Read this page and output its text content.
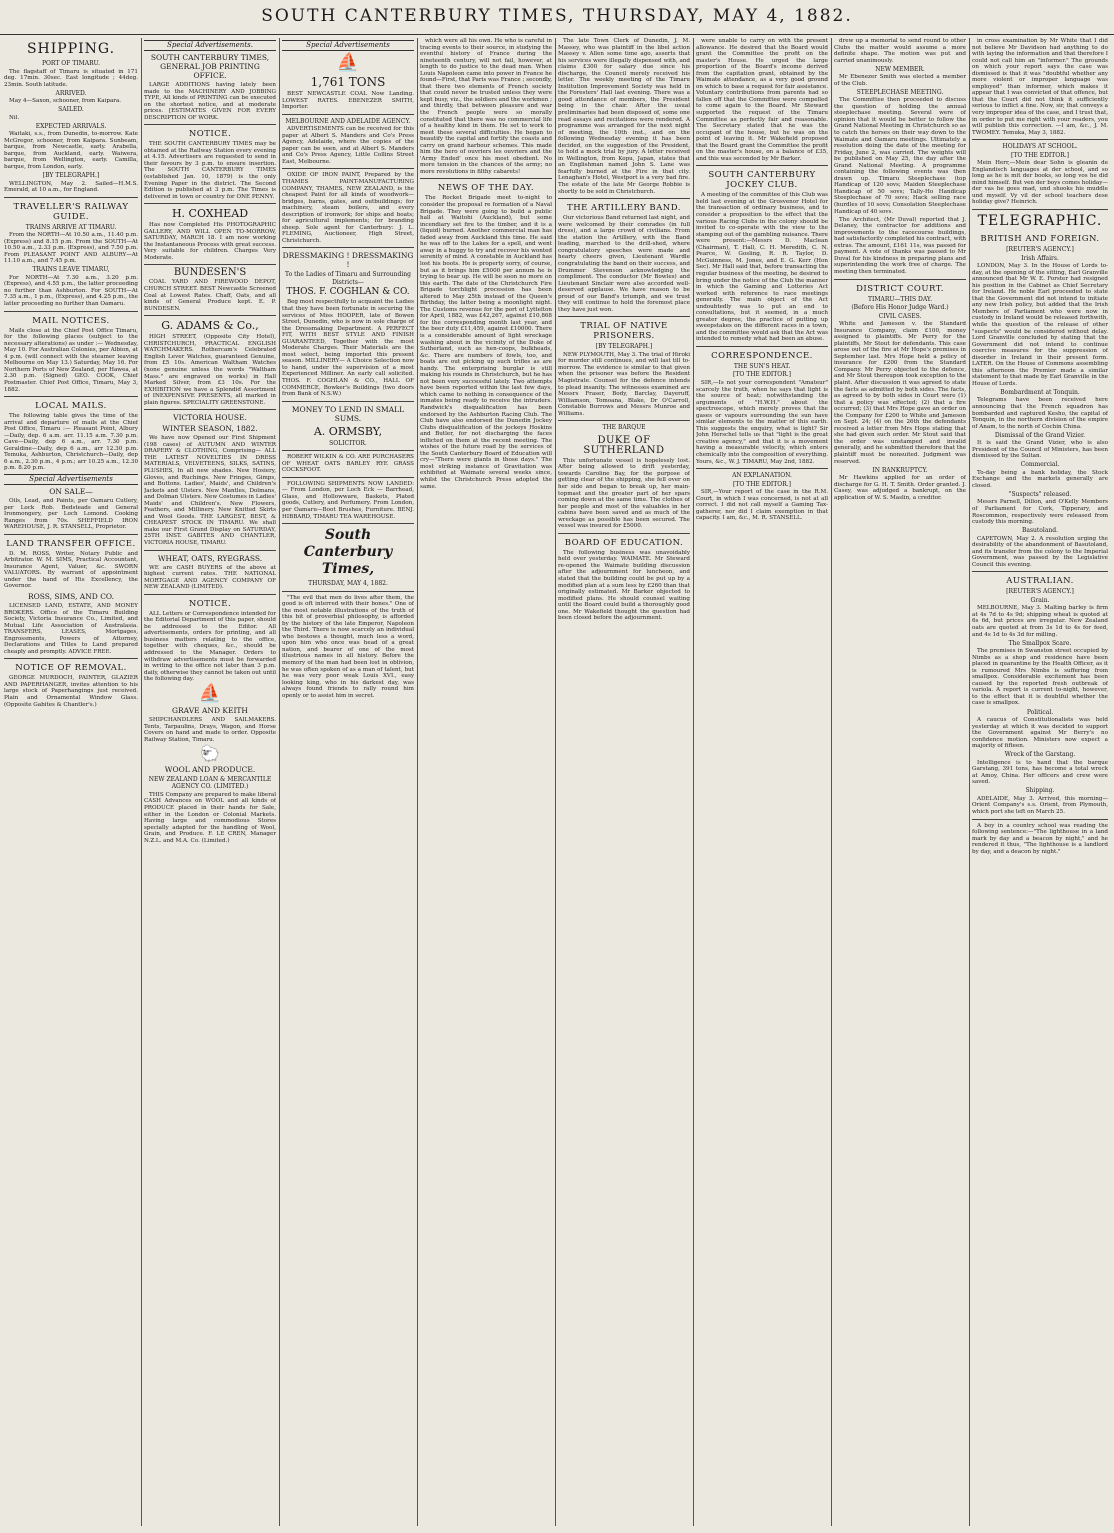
SOUTH CANTERBURY TIMES, THURSDAY, MAY 4, 1882.
SHIPPING.
PORT OF TIMARU.

The flagstaff of Timaru is situated in 171 deg. 17min. 30sec. East longitude ; 44deg. 23min. South latitude.

ARRIVED.

May 4—Saxon, schooner, from Kaipara.

SAILED.

Nil.

EXPECTED ARRIVALS.

Waitaki, s.s., from Dunedin, to-morrow. Kate McGregor, schooner, from Kaipara. Sunbeam, barque, from Newcastle, early. Arabella, barque, from Auckland, early. Waiwera, barque, from Wellington, early. Camilla, barque, from London, early.

[BY TELEGRAPH.]

WELLINGTON, May 2. Sailed—H.M.S. Emerald, at 10 a.m., for England.

TRAVELLER'S RAILWAY GUIDE.
TRAINS ARRIVE AT TIMARU.

From the NORTH—At 10.50 a.m., 11.40 p.m. (Express) and 8.15 p.m. From the SOUTH—At 10.50 a.m., 2.33 p.m. (Express), and 7.50 p.m. From PLEASANT POINT AND ALBURY—At 11.10 a.m., and 7.45 p.m.

TRAINS LEAVE TIMARU,

For NORTH—At 7.30 a.m., 3.20 p.m. (Express), and 4.55 p.m., the latter proceeding no further than Ashburton. For SOUTH—At 7.35 a.m., 1 p.m., (Express), and 4.25 p.m., the latter proceeding no further than Oamaru.

MAIL NOTICES.

Mails close at the Chief Post Office Timaru, for the following places (subject to the necessary alterations) as under :— Wednesday, May 10. For Australian Colonies, per Albion, at 4 p.m. (will connect with the steamer leaving Melbourne on May 13.) Saturday, May 16. For Northern Ports of New Zealand, per Hawea, at 2.30 p.m. (Signed) GEO. COOK, Chief Postmaster. Chief Post Office, Timaru, May 3, 1882.

LOCAL MAILS.

The following table gives the time of the arrival and departure of mails at the Chief Post Office, Timaru :— Pleasant Point, Albury—Daily, dep. 6 a.m. arr. 11.15 a.m. 7.30 p.m. Cave—Daily, dep 6 a.m., arr. 7.30 p.m. Geraldine—Daily, dep 6 a.m., arr 12.30 p.m. Temuka, Ashburton, Christchurch—Daily, dep 6 a.m., 2.30 p.m., 4 p.m.; arr 10.25 a.m., 12.30 p.m. 8.20 p.m.

Special Advertisements
ON SALE—

Oils, Lead, and Paints, per Oamaru Cutlery, per Lock Rob. Bedsteads and General Ironmongery, per Loch Lomond. Cooking Ranges from 70s. SHEFFIELD IRON WAREHOUSE, J. R. STANSELL, Proprietor.

LAND TRANSFER OFFICE.

D. M. ROSS, Writer, Notary Public and Arbitrator. W. M. SIMS, Practical Accountant, Insurance Agent, Valuer, &c. SWORN VALUATORS. By warrant of appointment under the hand of His Excellency, the Governor.

ROSS, SIMS, AND CO.

LICENSED LAND, ESTATE, AND MONEY BROKERS. Office of the Timaru Building Society, Victoria Insurance Co., Limited, and Mutual Life Association of Australasia. TRANSFERS, LEASES, Mortgages, Engrossments, Powers of Attorney, Declarations and Titles to Land prepared cheaply and promptly. ADVICE FREE.

NOTICE OF REMOVAL.

GEORGE MURDOCH, PAINTER, GLAZIER AND PAPERHANGER, invites attention to his large stock of Paperhangings just received. Plain and Ornamental Window Glass. (Opposite Gabites & Chantler's.)

Special Advertisements.
SOUTH CANTERBURY TIMES, GENERAL JOB PRINTING OFFICE.

LARGE ADDITIONS having lately been made to the MACHINERY AND JOBBING TYPE, All kinds of PRINTING can be executed on the shortest notice, and at moderate prices. [ESTIMATES GIVEN FOR EVERY DESCRIPTION OF WORK.

NOTICE.

THE SOUTH CANTERBURY TIMES may be obtained at the Railway Station every evening at 4.15. Advertisers are requested to send in their favours by 3 p.m. to ensure insertion. The SOUTH CANTERBURY TIMES (established Jan. 10, 1879) is the only Evening Paper in the district. The Second Edition is published at 3 p.m. The Times is delivered in town or country for ONE PENNY.

H. COXHEAD

Has now Completed His PHOTOGRAPHIC GALLERY, AND WILL OPEN TO-MORROW, SATURDAY, MARCH 18. I am now working the Instantaneous Process with great success. Very suitable for children. Charges Very Moderate.

BUNDESEN'S

COAL YARD AND FIREWOOD DEPOT, CHURCH STREET. BEST Newcastle Screened Coal at Lowest Rates. Chaff, Oats, and all kinds of General Produce kept. E. P. BUNDESEN.

G. ADAMS & Co.,

HIGH STREET, (Opposite City Hotel), CHRISTCHURCH, PRACTICAL ENGLISH WATCHMAKERS. Rothercam's Celebrated English Lever Watches, guaranteed Genuine, from £5 10s. American Waltham Watches (none genuine unless the words "Waltham Mass." are engraved on works) in Hall Marked Silver, from £3 10s. For the EXHIBITION we have a Splendid Assortment of INEXPENSIVE PRESENTS, all marked in plain figures. SPECIALITY GREENSTONE.

VICTORIA HOUSE.
WINTER SEASON, 1882.

We have now Opened our First Shipment (198 cases) of AUTUMN AND WINTER DRAPERY & CLOTHING, Comprising— ALL THE LATEST NOVELTIES IN DRESS MATERIALS, VELVETEENS, SILKS, SATINS, PLUSHES, In all new shades. New Hosiery, Gloves, and Ruchings. New Fringes, Gimps, and Buttons. Ladies', Maids', and Children's Jackets and Ulsters. New Mantles, Dolmans, and Dolman Ulsters. New Costumes in Ladies' Maids' and Children's. New Flowers, Feathers, and Millinery. New Knitted Skirts and Wool Goods. THE LARGEST, BEST, & CHEAPEST STOCK IN TIMARU. We shall make our First Grand Display on SATURDAY, 25TH INST. GABITES AND CHANTLER, VICTORIA HOUSE, TIMARU.

WHEAT, OATS, RYEGRASS.

WE are CASH BUYERS of the above at highest current rates. THE NATIONAL MORTGAGE AND AGENCY COMPANY OF NEW ZEALAND (LIMITED).

NOTICE.

ALL Letters or Correspondence intended for the Editorial Department of this paper, should be addressed to the Editor. All advertisements, orders for printing, and all business matters relating to the office, together with cheques, &c., should be addressed to the Manager. Orders to withdraw advertisements must be forwarded in writing to the office not later than 3 p.m. daily, otherwise they cannot be taken out until the following day.

⛵
GRAVE AND KEITH

SHIPCHANDLERS AND SAILMAKERS. Tents, Tarpaulins, Drays, Wagon, and Horse Covers on hand and made to order. Opposite Railway Station, Timaru.

🐑
WOOL AND PRODUCE.
NEW ZEALAND LOAN & MERCANTILE AGENCY CO. (LIMITED.)

THIS Company are prepared to make liberal CASH Advances on WOOL and all kinds of PRODUCE placed in their hands for Sale, either in the London or Colonial Markets. Having large and commodious Stores specially adapted for the handling of Wool, Grain, and Produce. F. LE CREN, Manager N.Z.L. and M.A. Co. (Limited.)

Special Advertisements
⛵
1,761 TONS

BEST NEWCASTLE COAL Now Landing. LOWEST RATES. EBENEZER SMITH, Importer.

MELBOURNE AND ADELAIDE AGENCY.

ADVERTISEMENTS can be received for this paper at Albert S. Manders and Co's Press Agency, Adelaide, where the copies of the paper can be seen, and at Albert S. Manders and Co's Press Agency, Little Collins Street East, Melbourne.

OXIDE OF IRON PAINT, Prepared by the THAMES PAINT-MANUFACTURING COMPANY, THAMES, NEW ZEALAND, is the cheapest Paint for all kinds of woodwork—bridges, barns, gates, and outbuildings; for machinery, steam boilers, and every description of ironwork; for ships and boats; for agricultural implements; for branding sheep. Sole agent for Canterbury: J. L. FLEMING, Auctioneer, High Street, Christchurch.

DRESSMAKING ! DRESSMAKING !
To the Ladies of Timaru and Surrounding Districts—
THOS. F. COGHLAN & CO.

Beg most respectfully to acquaint the Ladies that they have been fortunate in securing the services of Miss HOOPER, late of Bowen Street, Dunedin, who is now in sole charge of the Dressmaking Department. A PERFECT FIT, WITH BEST STYLE AND FINISH GUARANTEED, Together with the most Moderate Charges. Their Materials are the most select, being imported this present season. MILLINERY— A Choice Selection now to hand, under the supervision of a most Experienced Milliner. An early call solicited. THOS. F. COGHLAN & CO., HALL OF COMMERCE, Bowker's Buildings (two doors from Bank of N.S.W.)

MONEY TO LEND IN SMALL SUMS.
A. ORMSBY,
SOLICITOR.

ROBERT WILKIN & CO. ARE PURCHASERS OF WHEAT OATS BARLEY RYE GRASS COCKSFOOT.

FOLLOWING SHIPMENTS NOW LANDED:— From London, per Loch Eck — Barrhead, Glass, and Hollowware, Baskets, Plated goods, Cutlery, and Perfumery. From London, per Oamaru—Boot Brushes, Furniture. BENJ. HIBBARD, TIMARU TEA WAREHOUSE.

South Canterbury Times,
THURSDAY, MAY 4, 1882.

"The evil that men do lives after them, the good is oft interred with their bones." One of the most notable illustrations of the truth of this bit of proverbial philosophy, is afforded by the history of the late Emperor, Napoleon the Third. There is now scarcely an individual who bestows a thought, much less a word, upon him who once was head of a great nation, and bearer of one of the most illustrious names in all history. Before the memory of the man had been lost in oblivion, he was often spoken of as a man of talent, but he was very poor weak Louis XVI., easy looking king, who in his darkest day, was always found friends to rally round him openly or to assist him in secret.

which were all his own. He who is careful in tracing events to their source, in studying the eventful history of France during the nineteenth century, will not fail, however, at length to do justice to the dead man. When Louis Napoleon came into power in France he found—First, that Paris was France ; secondly, that there two elements of French society that could never be trusted unless they were kept busy, viz., the soldiers and the workmen ; and thirdly, that between pleasure and war the French people were so morally constituted that there was no commercial life of a healthy kind in them. He set to work to meet these several difficulties. He began to beautify the capital and fortify the coasts and carry on grand harbour schemes. This made him the hero of ouvriers les ouvriers and the 'Army Ended' once his most obedient. No more tension in the chances of the army; no more revolutions in filthy cabarets!

NEWS OF THE DAY.

The Rocket Brigade meet to-night to consider the proposal re formation of a Naval Brigade. They were going to build a public hall at Waitohi (Auckland), but some incendiary set fire to the timber, and it is a (liquid) burned. Another commercial man has faded away from Auckland this time. He said he was off to the Lakes for a spell, and went away in a buggy to try and recover his wonted serenity of mind. A constable in Auckland has lost his boots. He is property sorry, of course, but as it brings him £5000 per annum he is trying to bear up. He will be soon no more on this earth. The date of the Christchurch Fire Brigade torchlight procession has been altered to May 25th instead of the Queen's Birthday, the latter being a moonlight night. The Customs revenue for the port of Lyttelton for April, 1882, was £42,267, against £10,868 for the corresponding month last year, and the beer duty £11,459, against £10000. There is a considerable amount of light wreckage washing about in the vicinity of the Duke of Sutherland, such as hen-coops, bulkheads, &c. There are numbers of fowls, too, and boats are out picking up such trifles as are handy. The enterprising burglar is still making his rounds in Christchurch, but he has not been very successful lately. Two attempts have been reported within the last few days, which came to nothing in consequence of the inmates being ready to receive the intruders. Randwick's disqualification has been endorsed by the Ashburton Racing Club. The Club have also endorsed the Dunedin Jockey Clubs disqualification of the jockeys Hoskins and Butler, for not discharging the faces inflicted on them at the recent meeting. The wishes of the future road by the services of the South Canterbury Board of Education will cry—"There were giants in those days." The most striking instance of Gravitation was exhibited at Waimate several weeks since, whilst the Christchurch Press adopted the same.

The late Town Clerk of Dunedin, J. M. Massey, who was plaintiff in the libel action Massey v. Allen some time ago, asserts that his services were illegally dispensed with, and claims £300 for salary due since his discharge, the Council merely received his letter. The weekly meeting of the Timaru Institution Improvement Society was held in the Foresters' Hall last evening. There was a good attendance of members, the President being in the chair. After the usual preliminaries had been disposed of, some one read essays and recitations were rendered. A programme was arranged for the next night of meeting, the 10th inst., and on the following Wednesday evening it has been decided, on the suggestion of the President, to hold a mock trial by jury. A letter received in Wellington, from Kopu, Japan, states that an Englishman named John S. Lane was fearfully burned at the Fire in that city. Lenaghan's Hotel, Westport is a very bad fire. The estate of the late Mr George Robbie is shortly to be sold in Christchurch.

THE ARTILLERY BAND.

Our victorious Band returned last night, and were welcomed by their comrades (in full dress), and a large crowd of civilians. From the station the Artillery, with the Band leading, marched to the drill-shed, where congratulatory speeches were made and hearty cheers given, Lieutenant Wardle congratulating the band on their success, and Drummer Stevenson acknowledging the compliment. The conductor (Mr Bowles) and Lieutenant Sinclair were also accorded well-deserved applause. We have reason to be proud of our Band's triumph, and we trust they will continue to hold the foremost place they have just won.

TRIAL OF NATIVE PRISONERS.
[BY TELEGRAPH.]

NEW PLYMOUTH, May 3. The trial of Hiroki for murder still continues, and will last till to-morrow. The evidence is similar to that given when the prisoner was before the Resident Magistrate. Counsel for the defence intends to plead insanity. The witnesses examined are Messrs Fraser, Body, Barclay, Dayeruff, Williamson, Tomoana, Blake, Dr O'Carroll, Constable Burrows and Messrs Munroe and Williams.

THE BARQUE
DUKE OF SUTHERLAND

This unfortunate vessel is hopelessly lost. After being allowed to drift yesterday, towards Caroline Bay, for the purpose of getting clear of the shipping, she fell over on her side and began to break up, her main-topmast and the greater part of her spars coming down at the same time. The clothes of her people and most of the valuables in her cabins have been saved and as much of the wreckage as possible has been secured. The vessel was insured for £5000.

BOARD OF EDUCATION.

The following business was unavoidably held over yesterday. WAIMATE. Mr Steward re-opened the Waimate building discussion after the adjournment for luncheon, and stated that the building could be put up by a modified plan at a sum less by £260 than that originally estimated. Mr Barker objected to modified plans. He should counsel waiting until the Board could build a thoroughly good one. Mr Wakefield thought the question had been closed before the adjournment.

were unable to carry on with the present allowance. He desired that the Board would grant the Committee the profit on the master's House. He urged the large proportion of the Board's income derived from the capitation grant, obtained by the Waimate attendance, as a very good ground on which to base a request for fair assistance. Voluntary contributions from parents had so fallen off that the Committee were compelled to come again to the Board. Mr Steward supported the request of the Timaru Committee as perfectly fair and reasonable. The Secretary stated that he was the occupant of the house, but he was on the point of leaving it. Mr Wakefield proposed that the Board grant the Committee the profit on the master's house, on a balance of £35, and this was seconded by Mr Barker.

SOUTH CANTERBURY JOCKEY CLUB.

A meeting of the committee of this Club was held last evening at the Grosvenor Hotel for the transaction of ordinary business, and to consider a proposition to the effect that the various Racing Clubs in the colony should be invited to co-operate with the view to the stamping out of the gambling nuisance. There were present:—Messrs D. Maclean (Chairman), T. Hall, C. H. Meredith, C. N. Pearce, W. Gosling, R. R. Taylor, D. McGuinness, M. Jones, and E. G. Kerr (Hon Sec). Mr Hall said that, before transacting the regular business of the meeting, he desired to bring under the notice of the Club the manner in which the Gaming and Lotteries Act worked with reference to race meetings generally. The main object of the Act undoubtedly was to put an end to consultations, but it seemed, in a much greater degree, the practice of putting up sweepstakes on the different races in a town, and the committee would ask that the Act was intended to remedy what had been an abuse.

CORRESPONDENCE.
THE SUN'S HEAT.
[TO THE EDITOR.]

SIR,—Is not your correspondent "Amateur" scarcely the truth, when he says that light is the source of heat; notwithstanding the arguments of "H.W.H." about the spectroscope, which merely proves that the gases or vapours surrounding the sun have similar elements to the matter of this earth. This suggests the enquiry, what is light? Sir John Herschel tells us that "light is the great creative agency," and that it is a movement having a measurable velocity, which enters chemically into the composition of everything. Yours, &c., W. J. TIMARU, May 2nd, 1882.

AN EXPLANATION.
[TO THE EDITOR.]

SIR,—Your report of the case in the R.M. Court, in which I was concerned, is not at all correct. I did not call myself a Gaming Tax-gatherer, nor did I claim exemption in that capacity. I am, &c., M. R. STANSELL.

drew up a memorial to send round to other Clubs the matter would assume a more definite shape. The motion was put and carried unanimously.

NEW MEMBER.

Mr Ebenezer Smith was elected a member of the Club.

STEEPLECHASE MEETING.

The Committee then proceeded to discuss the question of holding the annual steeplechase meeting. Several were of opinion that it would be better to follow the Grand National Meeting in Christchurch so as to catch the horses on their way down to the Waimate and Oamaru meetings. Ultimately a resolution doing the date of the meeting for Friday, June 2, was carried. The weights will be published on May 25, the day after the Grand National Meeting. A programme containing the following events was then drawn up. Timaru Steeplechase (top Handicap of 120 sovs; Maiden Steeplechase Handicap of 50 sovs; Tally-Ho Handicap Steeplechase of 70 sovs; Hack selling race (hurdles of 10 sovs; Consolation Steeplechase Handicap of 40 sovs.

The Architect, (Mr Duval) reported that J. Delaney, the contractor for additions and improvements to the racecourse buildings, had satisfactorily completed his contract, with extras. The amount, £161 11s, was passed for payment. A vote of thanks was passed to Mr Duval for his kindness in preparing plans and superintending the work free of charge. The meeting then terminated.

DISTRICT COURT.
TIMARU—THIS DAY.
(Before His Honor Judge Ward.)
CIVIL CASES.

White and Jameson v. the Standard Insurance Company, claim £100, money assigned to plaintiffs. Mr Perry for the plaintiffs, Mr Stout for defendants. This case arose out of the fire at Mr Hope's premises in September last. Mrs Hope held a policy of insurance for £200 from the Standard Company. Mr Perry objected to the defence, and Mr Stout thereupon took exception to the plaint. After discussion it was agreed to state the facts as admitted by both sides. The facts, as agreed to by both sides in Court were (1) that a policy was effected; (2) that a fire occurred; (3) that Mrs Hope gave an order on the Company for £200 to White and Jameson on Sept. 24; (4) on the 26th the defendants received a letter from Mrs Hope stating that she had given such order. Mr Stout said that the order was unstamped and invalid generally, and he submitted therefore that the plaintiff must be nonsuited. Judgment was reserved.

IN BANKRUPTCY.

Mr Hawkins applied for an order of discharge for G. H. T. Smith. Order granted. J. Casey, was adjudged a bankrupt, on the application of W. S. Maslin, a creditor.

in cross examination by Mr White that I did not believe Mr Davidson had anything to do with laying the information and that therefore I could not call him an "informer." The grounds on which your report says the case was dismissed is that it was "doubtful whether any more violent or improper language was employed" than informer, which makes it appear that I was convicted of that offence, but that the Court did not think it sufficiently serious to inflict a fine. Now, sir, that conveys a very improper idea of the case, and I trust that, in order to put me right with your readers, you will publish this correction. —I am, &c., J. M. TWOMEY. Temuka, May 3, 1882.

HOLIDAYS AT SCHOOL.
[TO THE EDITOR.]

Mein Herr,—Mein dear Sohn is gleanin de Englandisch languages at der school, and so long as he is mit der books, so long vos he did mind himself. But ven der boys comes holiday—der vas he goes mad, und shooks his muddle und myself. Vy vil der school teachers dese holiday give? Heinrich.

TELEGRAPHIC.
BRITISH AND FOREIGN.
[REUTER'S AGENCY.]
Irish Affairs.

LONDON, May 3. In the House of Lords to-day, at the opening of the sitting, Earl Granville announced that Mr W. E. Forster had resigned his position in the Cabinet as Chief Secretary for Ireland. He noble Earl proceeded to state that the Government did not intend to initiate any new Irish policy, but added that the Irish Members of Parliament who were now in custody in Ireland would be released forthwith, while the question of the release of other "suspects" would be considered without delay. Lord Granville concluded by stating that the Government did not intend to continue coercive measures for the suppression of disorder in Ireland in their present form. LATER. On the House of Commons assembling this afternoon the Premier made a similar statement to that made by Earl Granville in the House of Lords.

Bombardment at Tonquin.

Telegrams have been received here announcing that the French squadron has bombarded and captured Kesho, the capital of Tonquin, in the northern division of the empire of Anam, to the north of Cochin China.

Dismissal of the Grand Vizier.

It is said the Grand Vizier, who is also President of the Council of Ministers, has been dismissed by the Sultan.

Commercial.

To-day being a bank holiday, the Stock Exchange and the markets generally are closed.

"Suspects" released.

Messrs Parnell, Dillon, and O'Kelly Members of Parliament for Cork, Tipperary, and Roscommon, respectively were released from custody this morning.

Basutoland.

CAPETOWN, May 2. A resolution urging the desirability of the abandonment of Basutoland, and its transfer from the colony to the Imperial Government, was passed by the Legislative Council this evening.

AUSTRALIAN.
[REUTER'S AGENCY.]
Grain.

MELBOURNE, May 3. Malting barley is firm at 4s 7d to 4s 9d; shipping wheat is quoted at 6s 6d, but prices are irregular. New Zealand oats are quoted at from 3s 1d to 4s for feed, and 4s 1d to 4s 3d for milling.

The Smallpox Scare.

The premises in Swanston street occupied by Nimbs as a shop and residence have been placed in quarantine by the Health Officer, as it is rumoured Mrs Nimbs is suffering from smallpox. Considerable excitement has been caused by the reported fresh outbreak of variola. A report is current to-night, however, to the effect that it is doubtful whether the case is smallpox.

Political.

A caucus of Constitutionalists was held yesterday at which it was decided to support the Government against Mr Berry's no confidence motion. Ministers now expect a majority of fifteen.

Wreck of the Garstang.

Intelligence is to hand that the barque Garstang, 391 tons, has become a total wreck at Amoy, China. Her officers and crew were saved.

Shipping.

ADELAIDE, May 3. Arrived, this morning—Orient Company's s.s. Orient, from Plymouth, which port she left on March 25.

A boy in a country school was reading the following sentence:—"The lighthouse in a land mark by day and a beacon by night," and he rendered it thus, "The lighthouse is a landlord by day, and a deacon by night."
